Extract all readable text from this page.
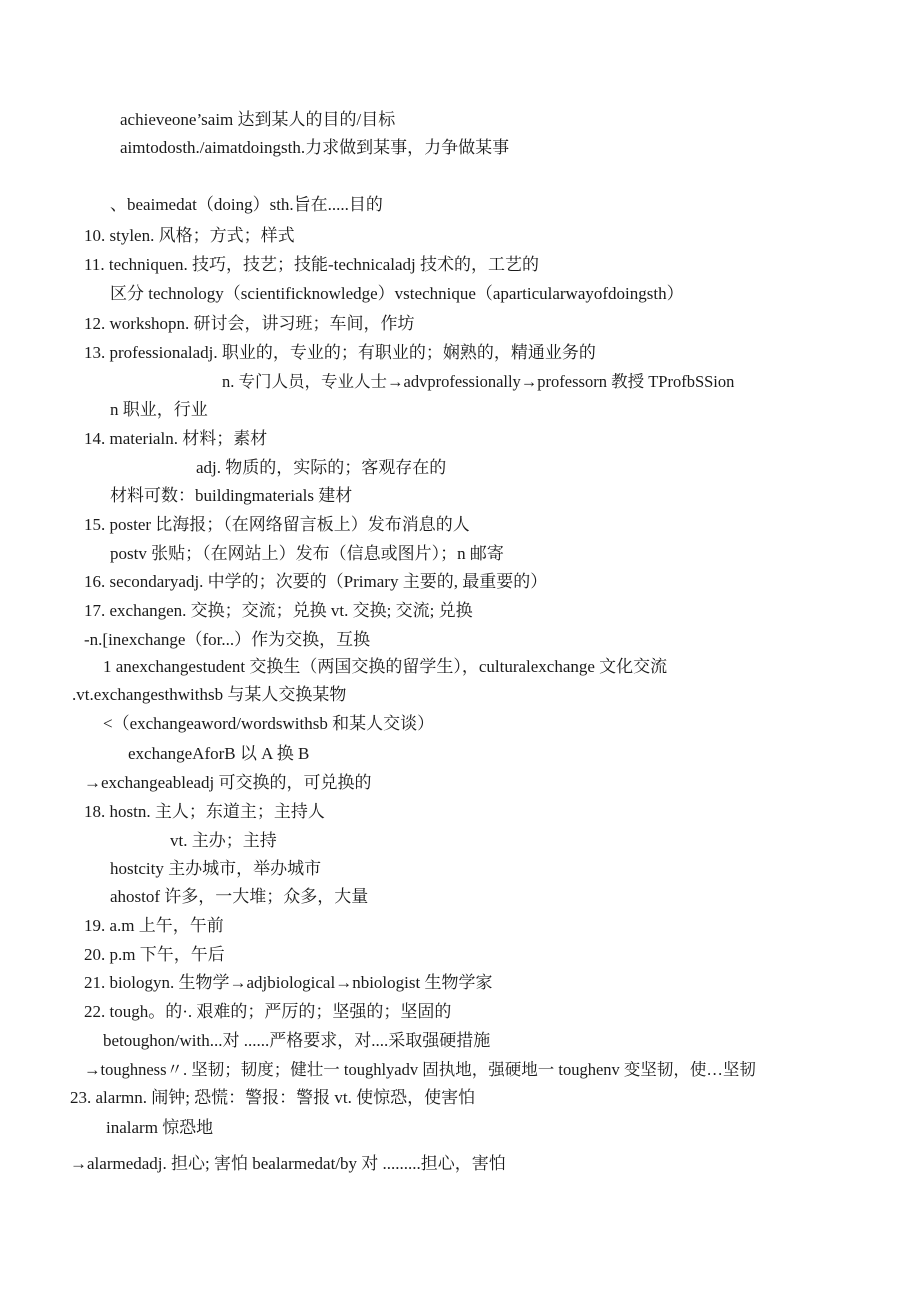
achieveone’saim 达到某人的目的/目标
aimtodosth./aimatdoingsth.力求做到某事，力争做某事
、beaimedat（doing）sth.旨在.....目的
10. stylen. 风格；方式；样式
11. techniquen. 技巧，技艺；技能-technicaladj 技术的，工艺的
区分 technology（scientificknowledge）vstechnique（aparticularwayofdoingsth）
12. workshopn. 研讨会，讲习班；车间，作坊
13. professionaladj. 职业的，专业的；有职业的；娴熟的，精通业务的
n. 专门人员，专业人士→advprofessionally→professorn 教授 TProfbSSion
n 职业，行业
14. materialn. 材料；素材
adj. 物质的，实际的；客观存在的
材料可数：buildingmaterials 建材
15. poster 比海报；（在网络留言板上）发布消息的人
postv 张贴；（在网站上）发布（信息或图片）；n 邮寄
16. secondaryadj. 中学的；次要的（Primary 主要的, 最重要的）
17. exchangen. 交换；交流；兑换 vt. 交换; 交流; 兑换
-n.[inexchange（for...）作为交换，互换
1 anexchangestudent 交换生（两国交换的留学生），culturalexchange 文化交流
.vt.exchangesthwithsb 与某人交换某物
<（exchangeaword/wordswithsb 和某人交谈）
exchangeAforB 以 A 换 B
→exchangeableadj 可交换的，可兑换的
18. hostn. 主人；东道主；主持人
vt. 主办；主持
hostcity 主办城市，举办城市
ahostof 许多，一大堆；众多，大量
19. a.m 上午，午前
20. p.m 下午，午后
21. biologyn. 生物学→adjbiological→nbiologist 生物学家
22. tough。的·. 艰难的；严厉的；坚强的；坚固的
betoughon/with...对 ......严格要求，对....采取强硬措施
→toughness〃. 坚韧；韧度；健壮一 toughlyadv 固执地，强硬地一 toughenv 变坚韧，使…坚韧
23. alarmn. 闹钟; 恐慌：警报：警报 vt. 使惊恐，使害怕
inalarm 惊恐地
→alarmedadj. 担心; 害怕 bealarmedat/by 对 .........担心，害怕
